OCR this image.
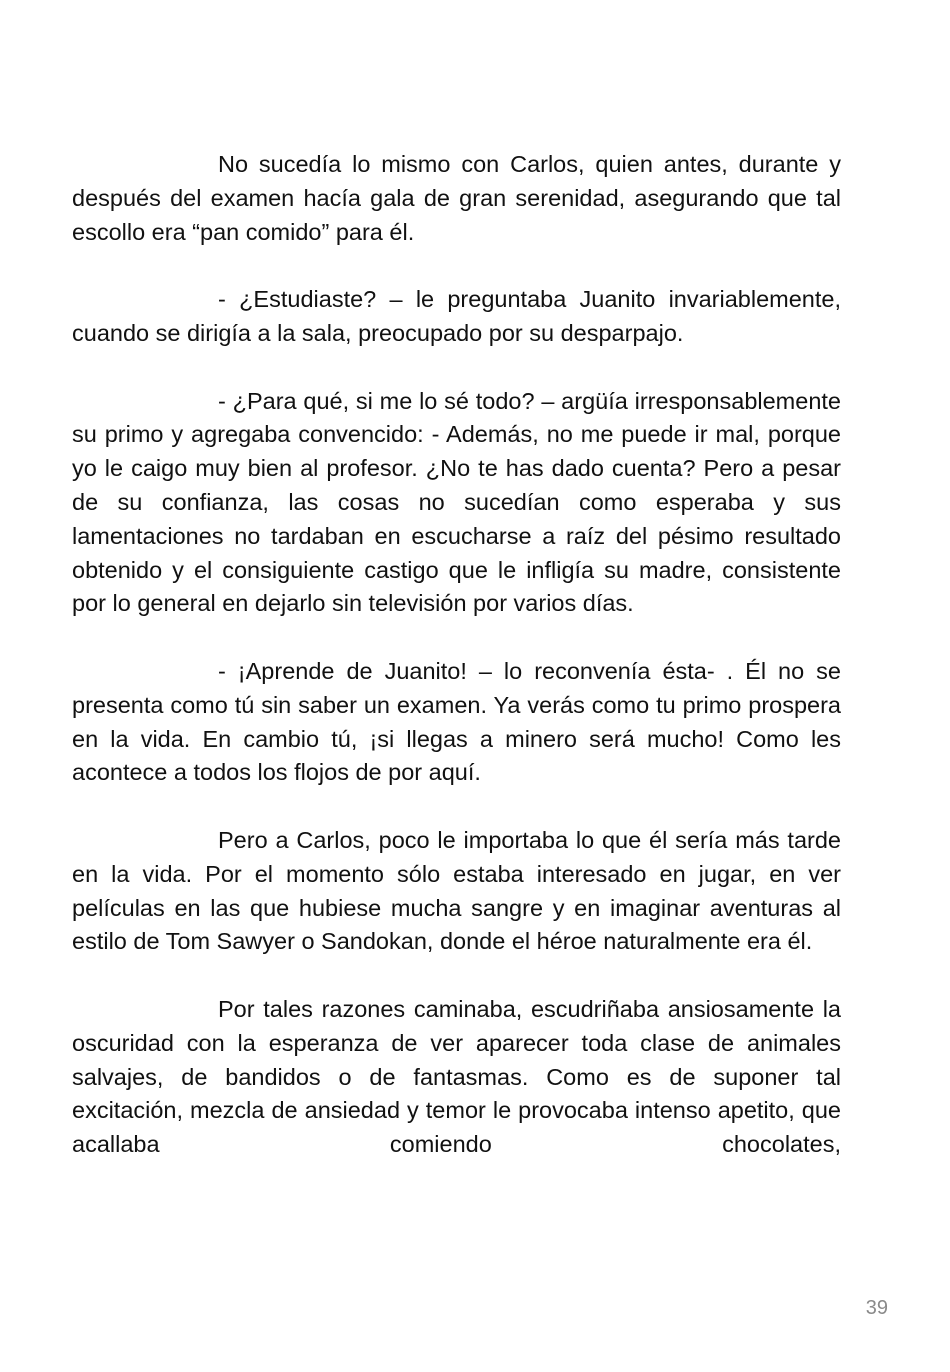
No sucedía lo mismo con Carlos, quien antes, durante y después del examen hacía gala de gran serenidad, asegurando que tal escollo era “pan comido” para él.

- ¿Estudiaste? – le preguntaba Juanito invariablemente, cuando se dirigía a la sala, preocupado por su desparpajo.

- ¿Para qué, si me lo sé todo? – argüía irresponsablemente su primo y agregaba convencido: - Además, no me puede ir mal, porque yo le caigo muy bien al profesor. ¿No te has dado cuenta? Pero a pesar de su confianza, las cosas no sucedían como esperaba y sus lamentaciones no tardaban en escucharse a raíz del pésimo resultado obtenido y el consiguiente castigo que le infligía su madre, consistente por lo general en dejarlo sin televisión por varios días.

- ¡Aprende de Juanito! – lo reconvenía ésta- . Él no se presenta como tú sin saber un examen. Ya verás como tu primo prospera en la vida. En cambio tú, ¡si llegas a minero será mucho! Como les acontece a todos los flojos de por aquí.

Pero a Carlos, poco le importaba lo que él sería más tarde en la vida. Por el momento sólo estaba interesado en jugar, en ver películas en las que hubiese mucha sangre y en imaginar aventuras al estilo de Tom Sawyer o Sandokan, donde el héroe naturalmente era él.

Por tales razones caminaba, escudriñaba ansiosamente la oscuridad con la esperanza de ver aparecer toda clase de animales salvajes, de bandidos o de fantasmas. Como es de suponer tal excitación, mezcla de ansiedad y temor le provocaba intenso apetito, que acallaba comiendo chocolates,

39
